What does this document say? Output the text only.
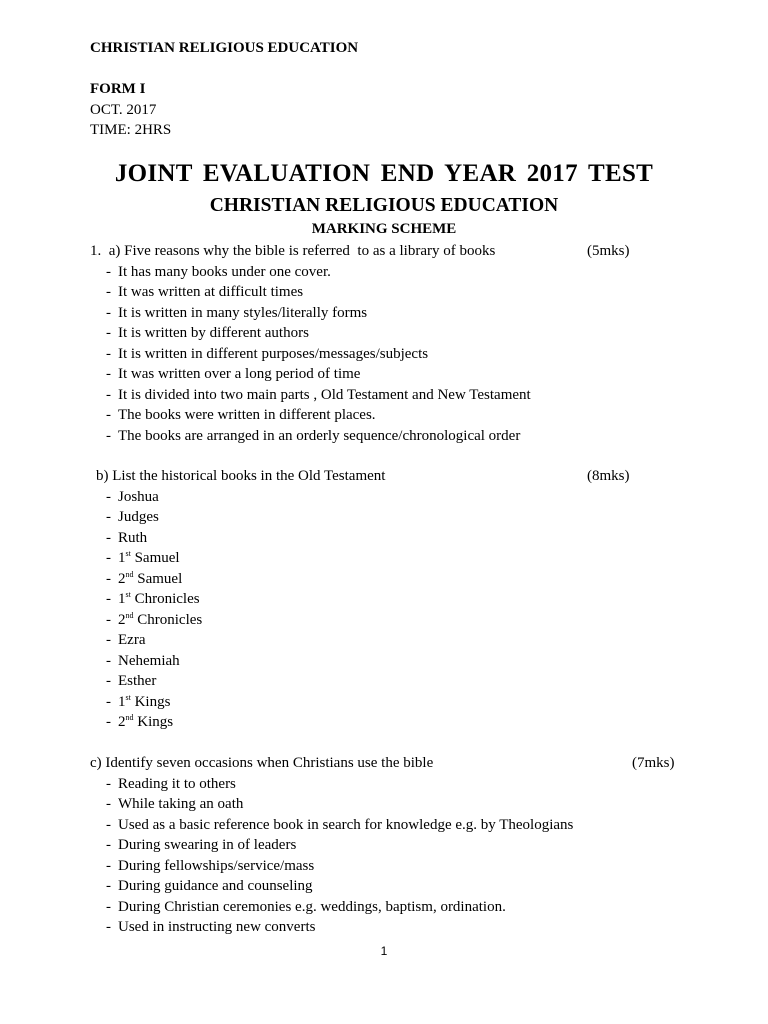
CHRISTIAN RELIGIOUS EDUCATION
FORM I
OCT. 2017
TIME: 2HRS
JOINT EVALUATION END YEAR 2017 TEST
CHRISTIAN RELIGIOUS EDUCATION
MARKING SCHEME
1.  a) Five reasons why the bible is referred  to as a library of books	(5mks)
- It has many books under one cover.
- It was written at difficult times
- It is written in many styles/literally forms
- It is written by different authors
- It is written in different purposes/messages/subjects
- It was written over a long period of time
- It is divided into two main parts , Old Testament and New Testament
- The books were written in different places.
- The books are arranged in an orderly sequence/chronological order
b) List the historical books in the Old Testament	(8mks)
- Joshua
- Judges
- Ruth
- 1st Samuel
- 2nd Samuel
- 1st Chronicles
- 2nd Chronicles
- Ezra
- Nehemiah
- Esther
- 1st Kings
- 2nd Kings
c) Identify seven occasions when Christians use the bible	(7mks)
- Reading it to others
- While taking an oath
- Used as a basic reference book in search for knowledge e.g. by Theologians
- During swearing in of leaders
- During fellowships/service/mass
- During guidance and counseling
- During Christian ceremonies e.g. weddings, baptism, ordination.
- Used in instructing new converts
1
